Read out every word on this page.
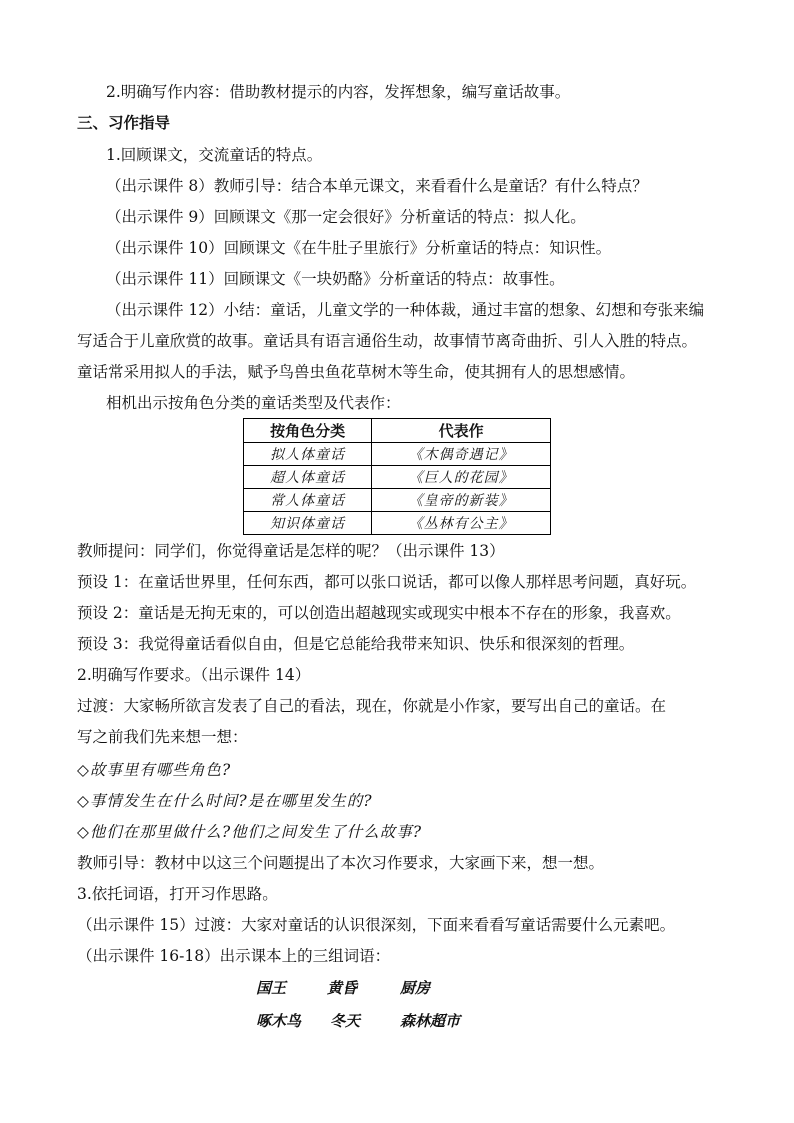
2.明确写作内容：借助教材提示的内容，发挥想象，编写童话故事。
三、习作指导
1.回顾课文，交流童话的特点。
（出示课件 8）教师引导：结合本单元课文，来看看什么是童话？有什么特点？
（出示课件 9）回顾课文《那一定会很好》分析童话的特点：拟人化。
（出示课件 10）回顾课文《在牛肚子里旅行》分析童话的特点：知识性。
（出示课件 11）回顾课文《一块奶酪》分析童话的特点：故事性。
（出示课件 12）小结：童话，儿童文学的一种体裁，通过丰富的想象、幻想和夸张来编
写适合于儿童欣赏的故事。童话具有语言通俗生动，故事情节离奇曲折、引人入胜的特点。
童话常采用拟人的手法，赋予鸟兽虫鱼花草树木等生命，使其拥有人的思想感情。
相机出示按角色分类的童话类型及代表作：
按角色分类	代表作
拟人体童话	《木偶奇遇记》
超人体童话	《巨人的花园》
常人体童话	《皇帝的新装》
知识体童话	《丛林有公主》
教师提问：同学们，你觉得童话是怎样的呢？（出示课件 13）
预设 1：在童话世界里，任何东西，都可以张口说话，都可以像人那样思考问题，真好玩。
预设 2：童话是无拘无束的，可以创造出超越现实或现实中根本不存在的形象，我喜欢。
预设 3：我觉得童话看似自由，但是它总能给我带来知识、快乐和很深刻的哲理。
2.明确写作要求。（出示课件 14）
过渡：大家畅所欲言发表了自己的看法，现在，你就是小作家，要写出自己的童话。在
写之前我们先来想一想：
◇故事里有哪些角色?
◇事情发生在什么时间?是在哪里发生的?
◇他们在那里做什么?他们之间发生了什么故事?
教师引导：教材中以这三个问题提出了本次习作要求，大家画下来，想一想。
3.依托词语，打开习作思路。
（出示课件 15）过渡：大家对童话的认识很深刻，下面来看看写童话需要什么元素吧。
（出示课件 16-18）出示课本上的三组词语：
国王	黄昏	厨房
啄木鸟 冬天	森林超市
